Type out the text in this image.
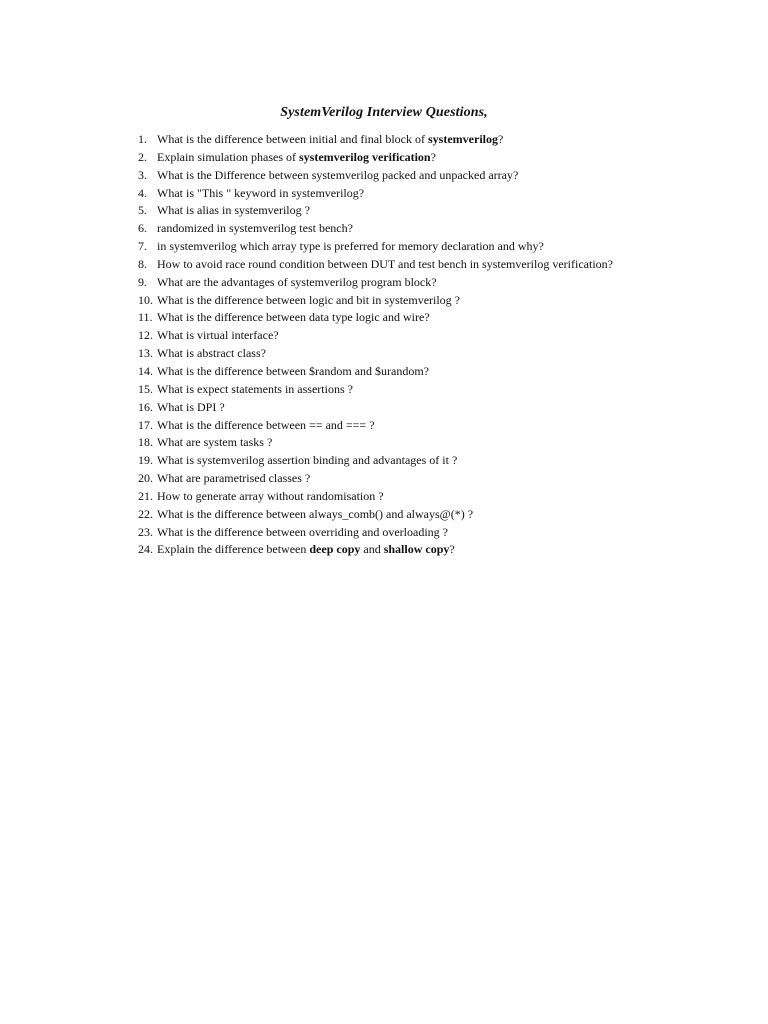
SystemVerilog Interview Questions,
1. What is the difference between initial and final block of systemverilog?
2. Explain simulation phases of systemverilog verification?
3. What is the Difference between systemverilog packed and unpacked array?
4. What is "This " keyword in systemverilog?
5. What is alias in systemverilog ?
6. randomized in systemverilog test bench?
7. in systemverilog which array type is preferred for memory declaration and why?
8. How to avoid race round condition between DUT and test bench in systemverilog verification?
9. What are the advantages of systemverilog program block?
10. What is the difference between logic and bit in systemverilog ?
11. What is the difference between data type logic and wire?
12. What is virtual interface?
13. What is abstract class?
14. What is the difference between $random and $urandom?
15. What is expect statements in assertions ?
16. What is DPI ?
17. What is the difference between == and === ?
18. What are system tasks ?
19. What is systemverilog assertion binding and advantages of it ?
20. What are parametrised classes ?
21. How to generate array without randomisation ?
22. What is the difference between always_comb() and always@(*) ?
23. What is the difference between overriding and overloading ?
24. Explain the difference between deep copy and shallow copy?
